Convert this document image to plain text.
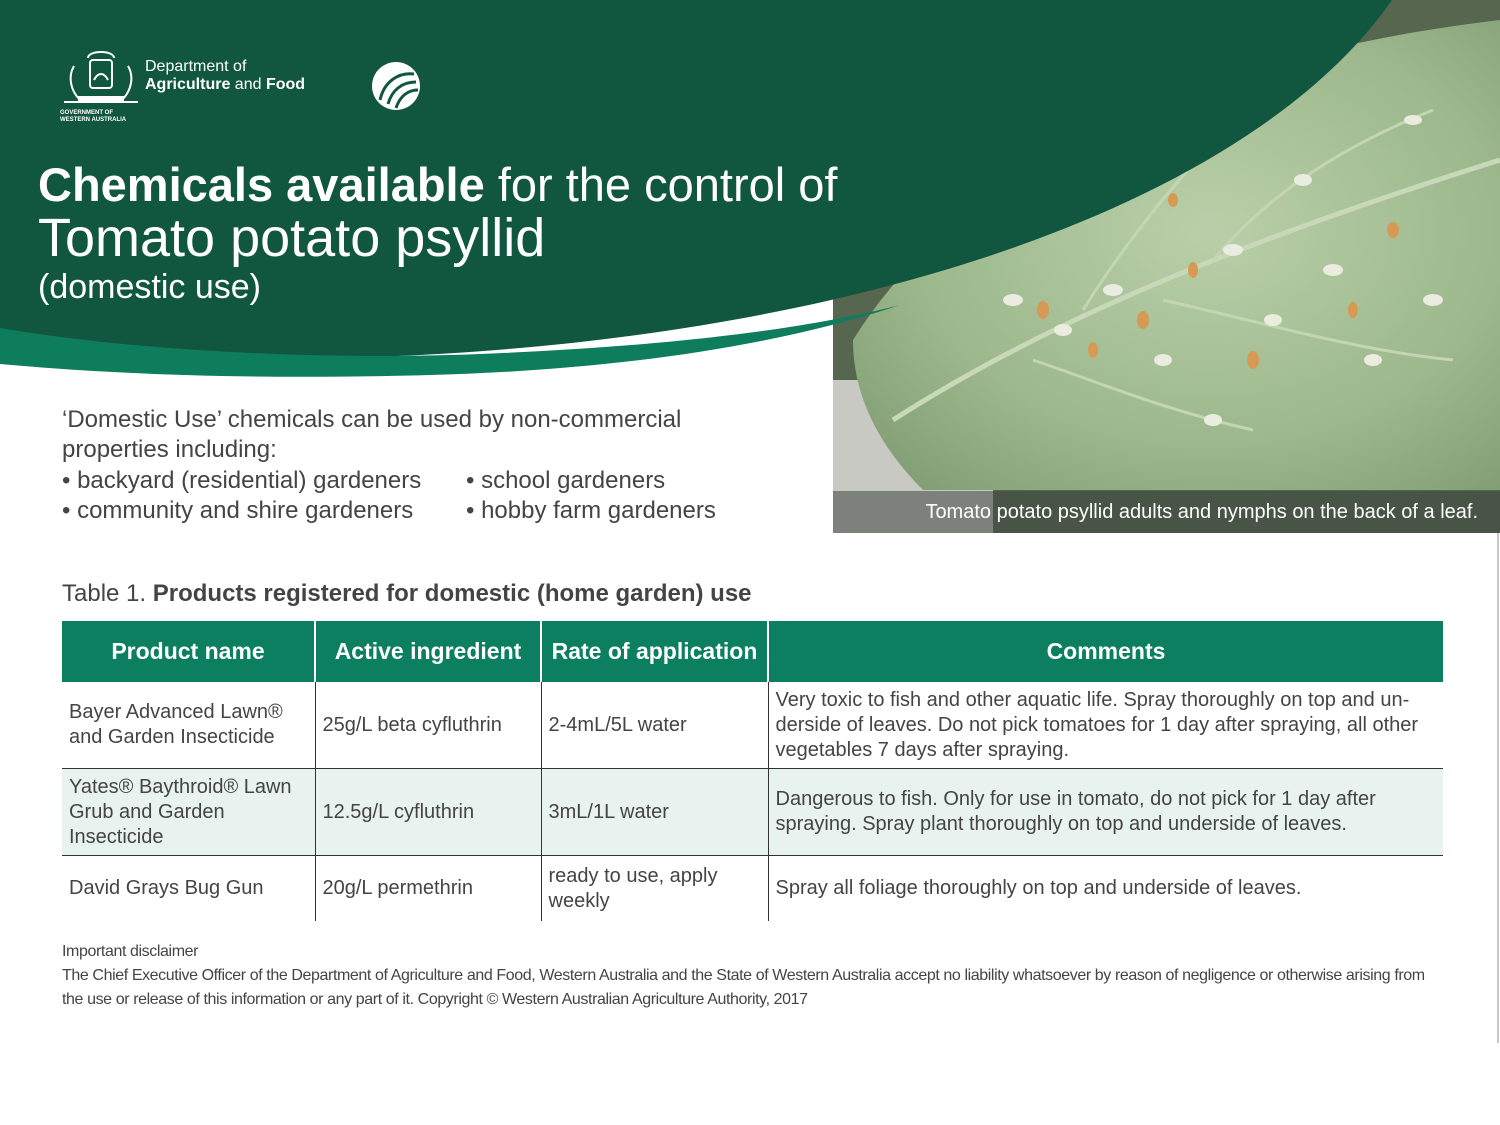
Tomato potato psyllid adults and nymphs on the back of a leaf.
GOVERNMENT OF
WESTERN AUSTRALIA
Department of
Agriculture and Food
Chemicals available for the control of
Tomato potato psyllid
(domestic use)
‘Domestic Use’ chemicals can be used by non-commercial properties including:
• backyard (residential) gardeners
• community and shire gardeners
• school gardeners
• hobby farm gardeners
Table 1. Products registered for domestic (home garden) use
Product name	Active ingredient	Rate of application	Comments
Bayer Advanced Lawn® and Garden Insecticide	25g/L beta cyfluthrin	2-4mL/5L water	Very toxic to fish and other aquatic life. Spray thoroughly on top and underside of leaves. Do not pick tomatoes for 1 day after spraying, all other vegetables 7 days after spraying.
Yates® Baythroid® Lawn Grub and Garden Insecticide	12.5g/L cyfluthrin	3mL/1L water	Dangerous to fish. Only for use in tomato, do not pick for 1 day after spraying. Spray plant thoroughly on top and underside of leaves.
David Grays Bug Gun	20g/L permethrin	ready to use, apply weekly	Spray all foliage thoroughly on top and underside of leaves.
Important disclaimer
The Chief Executive Officer of the Department of Agriculture and Food, Western Australia and the State of Western Australia accept no liability whatsoever by reason of negligence or otherwise arising from the use or release of this information or any part of it. Copyright © Western Australian Agriculture Authority, 2017
